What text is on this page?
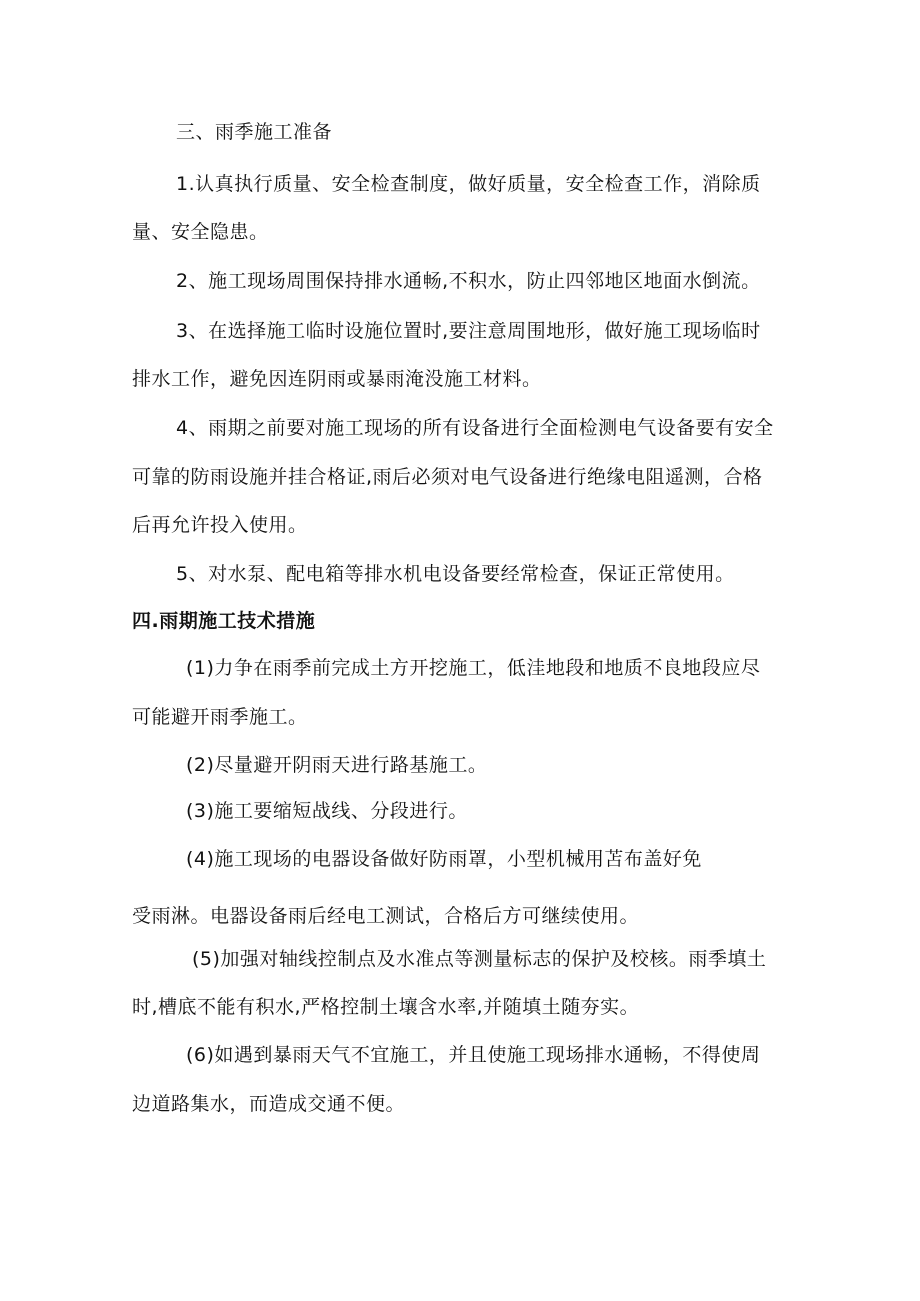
三、雨季施工准备
1.认真执行质量、安全检查制度，做好质量，安全检查工作，消除质
量、安全隐患。
2、施工现场周围保持排水通畅,不积水，防止四邻地区地面水倒流。
3、在选择施工临时设施位置时,要注意周围地形，做好施工现场临时
排水工作，避免因连阴雨或暴雨淹没施工材料。
4、雨期之前要对施工现场的所有设备进行全面检测电气设备要有安全
可靠的防雨设施并挂合格证,雨后必须对电气设备进行绝缘电阻遥测，合格
后再允许投入使用。
5、对水泵、配电箱等排水机电设备要经常检查，保证正常使用。
四.雨期施工技术措施
(1)力争在雨季前完成土方开挖施工，低洼地段和地质不良地段应尽
可能避开雨季施工。
(2)尽量避开阴雨天进行路基施工。
(3)施工要缩短战线、分段进行。
(4)施工现场的电器设备做好防雨罩，小型机械用苫布盖好免
受雨淋。电器设备雨后经电工测试，合格后方可继续使用。
(5)加强对轴线控制点及水准点等测量标志的保护及校核。雨季填土
时,槽底不能有积水,严格控制土壤含水率,并随填土随夯实。
(6)如遇到暴雨天气不宜施工，并且使施工现场排水通畅，不得使周
边道路集水，而造成交通不便。
